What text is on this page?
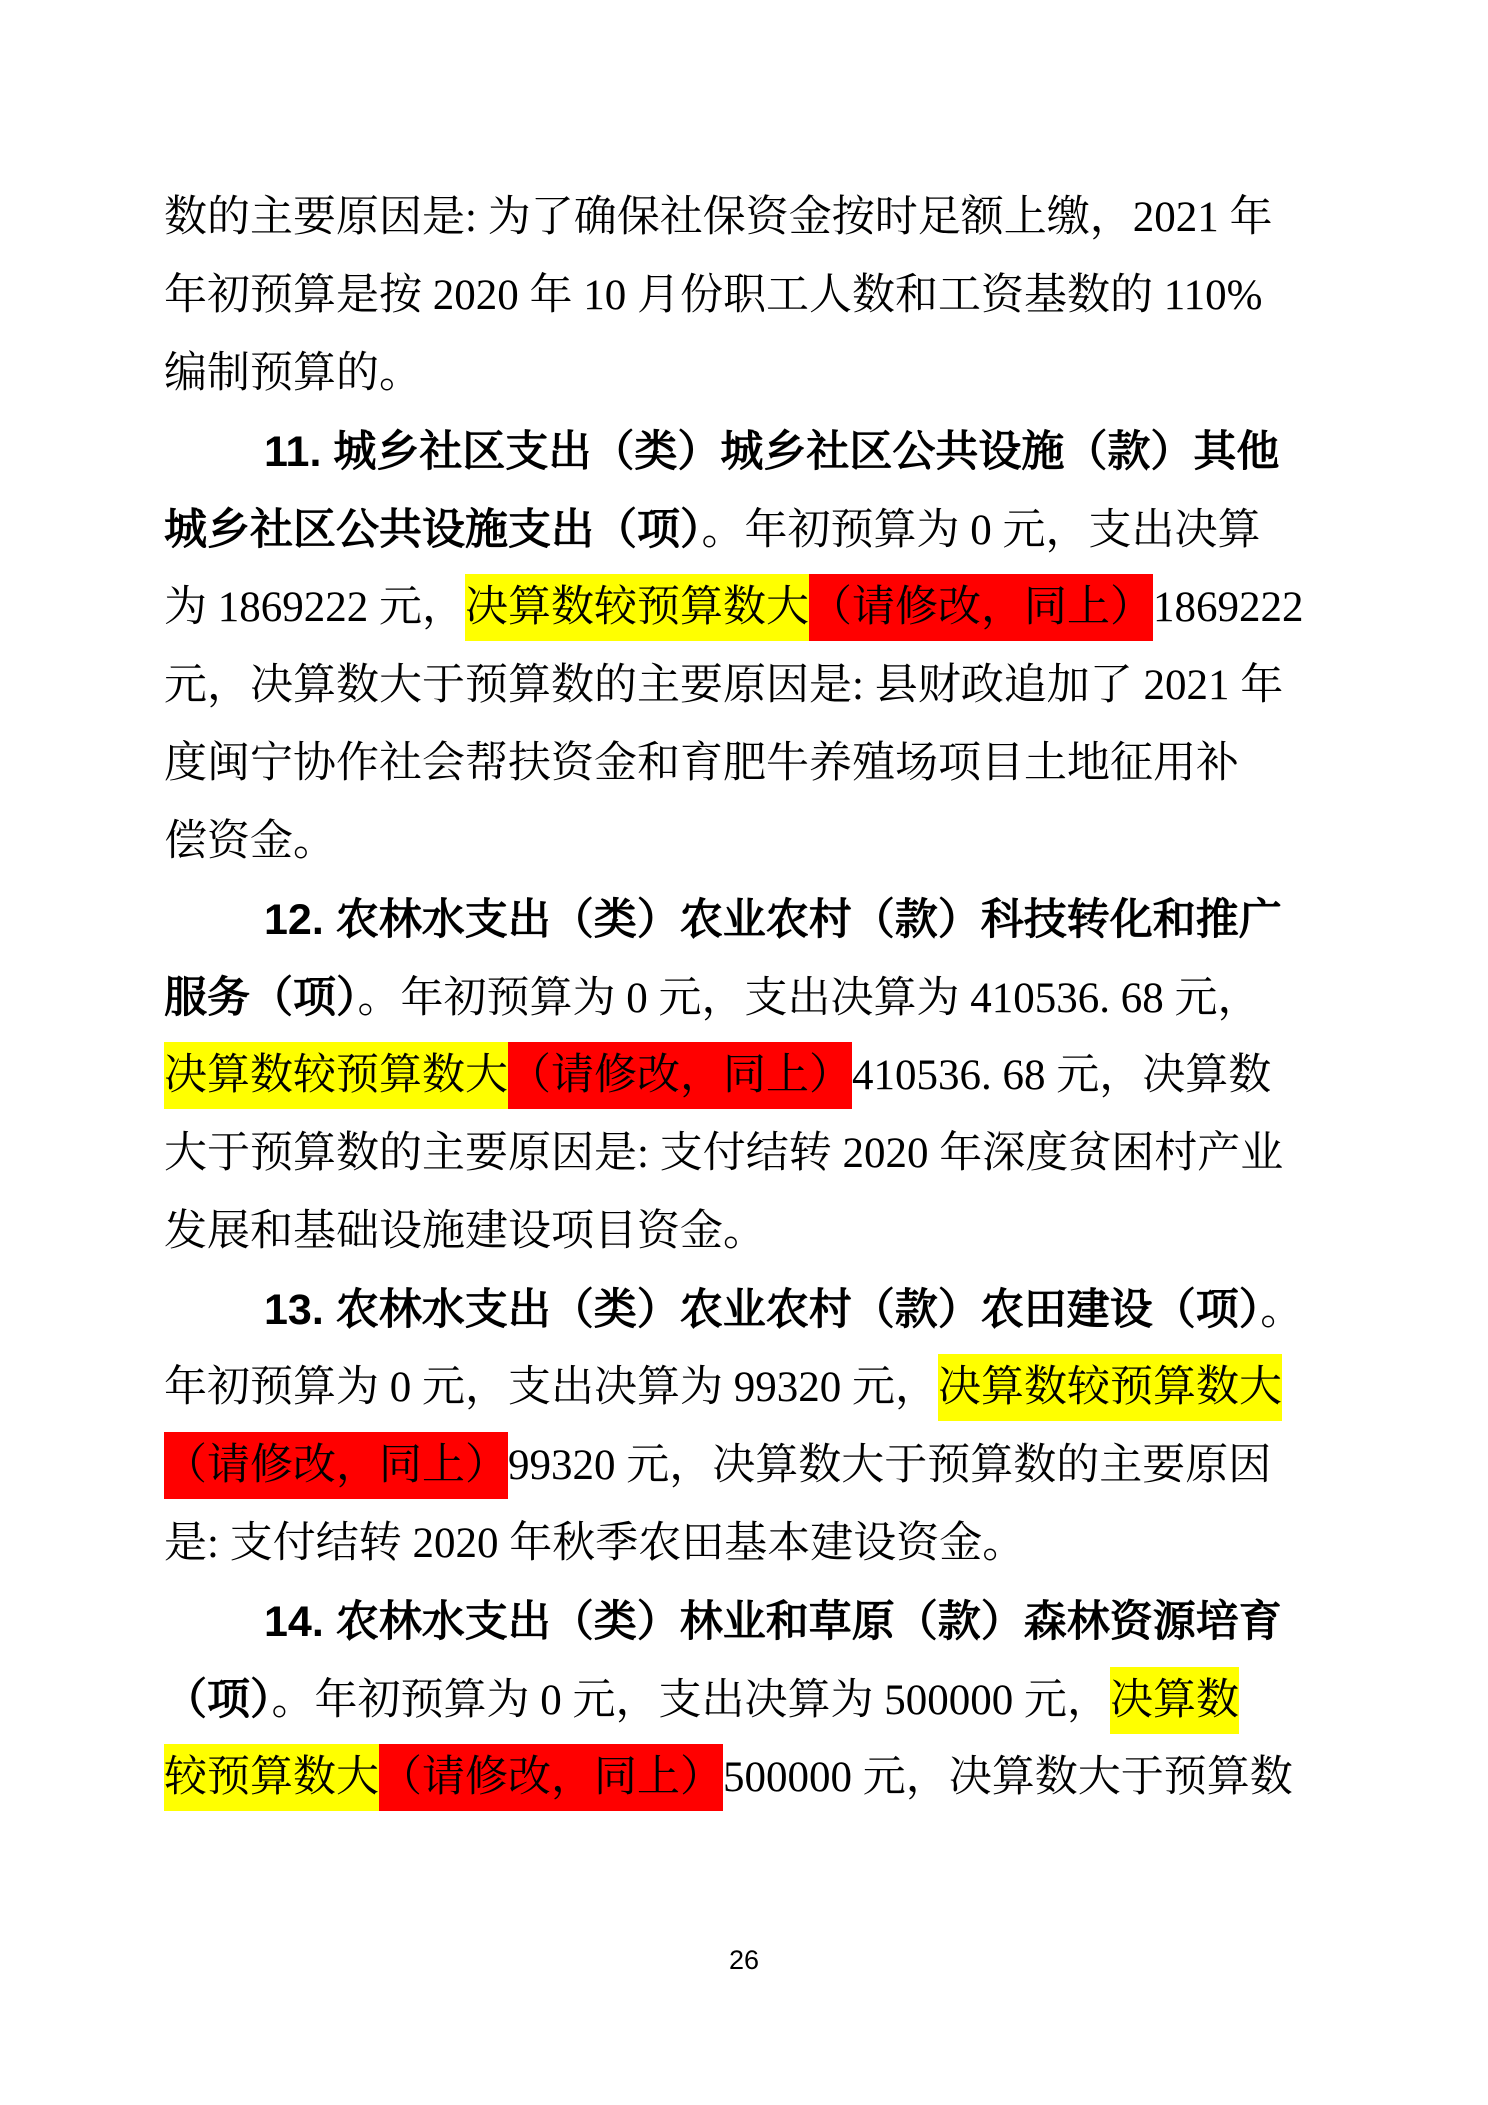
数的主要原因是: 为了确保社保资金按时足额上缴，2021 年
年初预算是按 2020 年 10 月份职工人数和工资基数的 110%
编制预算的。
11. 城乡社区支出（类）城乡社区公共设施（款）其他
城乡社区公共设施支出（项）。年初预算为 0 元，支出决算
为 1869222 元，决算数较预算数大（请修改，同上）1869222
元，决算数大于预算数的主要原因是: 县财政追加了 2021 年
度闽宁协作社会帮扶资金和育肥牛养殖场项目土地征用补
偿资金。
12. 农林水支出（类）农业农村（款）科技转化和推广
服务（项）。年初预算为 0 元，支出决算为 410536. 68 元，
决算数较预算数大（请修改，同上）410536. 68 元，决算数
大于预算数的主要原因是: 支付结转 2020 年深度贫困村产业
发展和基础设施建设项目资金。
13. 农林水支出（类）农业农村（款）农田建设（项）。
年初预算为 0 元，支出决算为 99320 元，决算数较预算数大
（请修改，同上）99320 元，决算数大于预算数的主要原因
是: 支付结转 2020 年秋季农田基本建设资金。
14. 农林水支出（类）林业和草原（款）森林资源培育
（项）。年初预算为 0 元，支出决算为 500000 元，决算数
较预算数大（请修改，同上）500000 元，决算数大于预算数
26
